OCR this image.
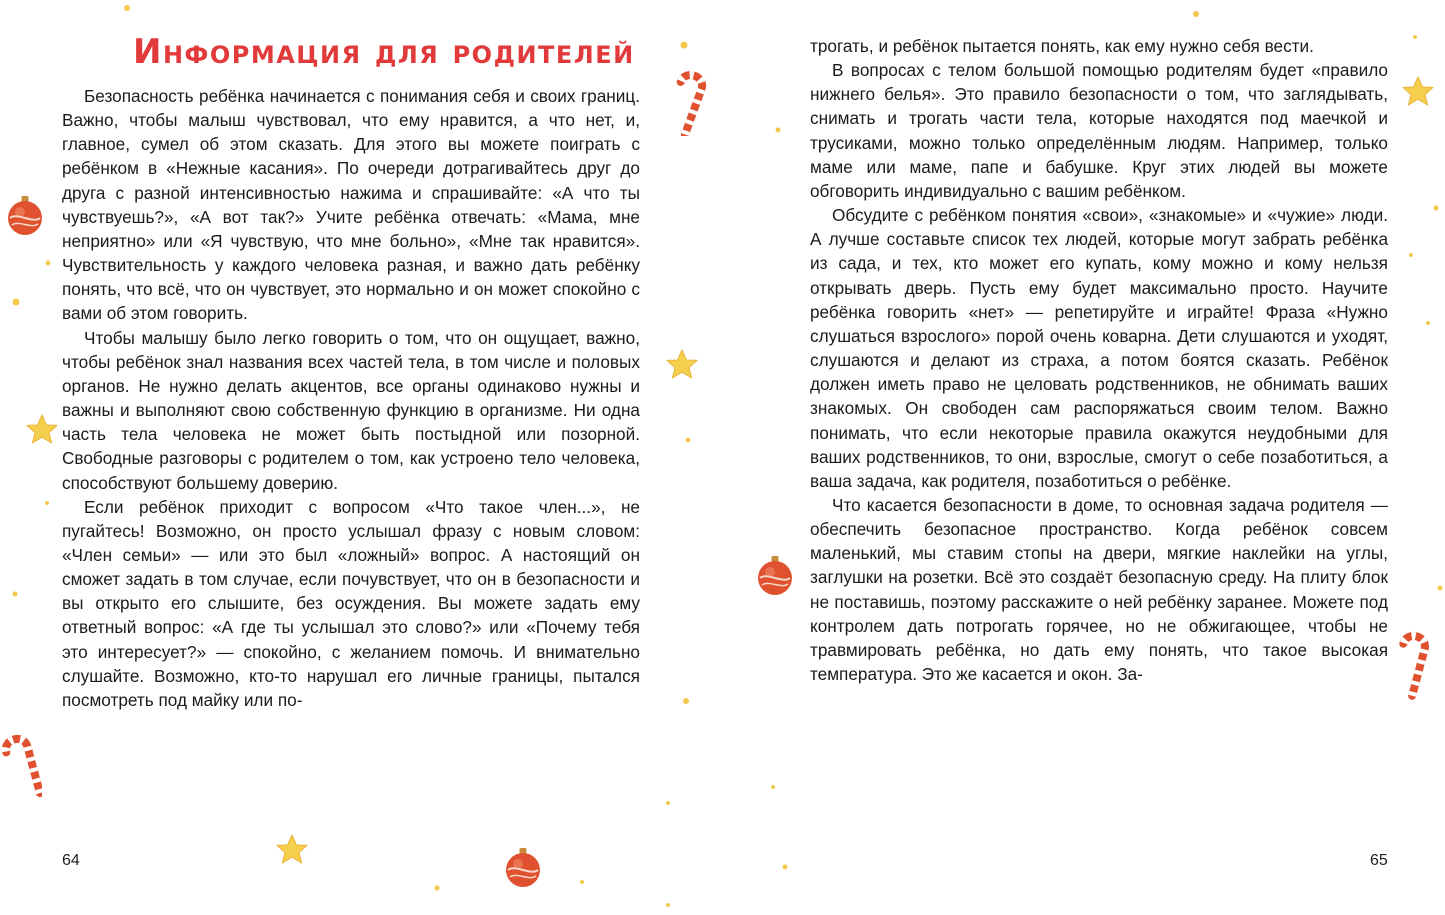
Информация для родителей

Безопасность ребёнка начинается с понимания себя и своих границ. Важно, чтобы малыш чувствовал, что ему нравится, а что нет, и, главное, сумел об этом сказать. Для этого вы можете поиграть с ребёнком в «Нежные касания». По очереди дотрагивайтесь друг до друга с разной интенсивностью нажима и спрашивайте: «А что ты чувствуешь?», «А вот так?» Учите ребёнка отвечать: «Мама, мне неприятно» или «Я чувствую, что мне больно», «Мне так нравится». Чувствительность у каждого человека разная, и важно дать ребёнку понять, что всё, что он чувствует, это нормально и он может спокойно с вами об этом говорить.

Чтобы малышу было легко говорить о том, что он ощущает, важно, чтобы ребёнок знал названия всех частей тела, в том числе и половых органов. Не нужно делать акцентов, все органы одинаково нужны и важны и выполняют свою собственную функцию в организме. Ни одна часть тела человека не может быть постыдной или позорной. Свободные разговоры с родителем о том, как устроено тело человека, способствуют большему доверию.

Если ребёнок приходит с вопросом «Что такое член...», не пугайтесь! Возможно, он просто услышал фразу с новым словом: «Член семьи» — или это был «ложный» вопрос. А настоящий он сможет задать в том случае, если почувствует, что он в безопасности и вы открыто его слышите, без осуждения. Вы можете задать ему ответный вопрос: «А где ты услышал это слово?» или «Почему тебя это интересует?» — спокойно, с желанием помочь. И внимательно слушайте. Возможно, кто-то нарушал его личные границы, пытался посмотреть под майку или по-

64

трогать, и ребёнок пытается понять, как ему нужно себя вести.

В вопросах с телом большой помощью родителям будет «правило нижнего белья». Это правило безопасности о том, что заглядывать, снимать и трогать части тела, которые находятся под маечкой и трусиками, можно только определённым людям. Например, только маме или маме, папе и бабушке. Круг этих людей вы можете обговорить индивидуально с вашим ребёнком.

Обсудите с ребёнком понятия «свои», «знакомые» и «чужие» люди. А лучше составьте список тех людей, которые могут забрать ребёнка из сада, и тех, кто может его купать, кому можно и кому нельзя открывать дверь. Пусть ему будет максимально просто. Научите ребёнка говорить «нет» — репетируйте и играйте! Фраза «Нужно слушаться взрослого» порой очень коварна. Дети слушаются и уходят, слушаются и делают из страха, а потом боятся сказать. Ребёнок должен иметь право не целовать родственников, не обнимать ваших знакомых. Он свободен сам распоряжаться своим телом. Важно понимать, что если некоторые правила окажутся неудобными для ваших родственников, то они, взрослые, смогут о себе позаботиться, а ваша задача, как родителя, позаботиться о ребёнке.

Что касается безопасности в доме, то основная задача родителя — обеспечить безопасное пространство. Когда ребёнок совсем маленький, мы ставим стопы на двери, мягкие наклейки на углы, заглушки на розетки. Всё это создаёт безопасную среду. На плиту блок не поставишь, поэтому расскажите о ней ребёнку заранее. Можете под контролем дать потрогать горячее, но не обжигающее, чтобы не травмировать ребёнка, но дать ему понять, что такое высокая температура. Это же касается и окон. За-

65
